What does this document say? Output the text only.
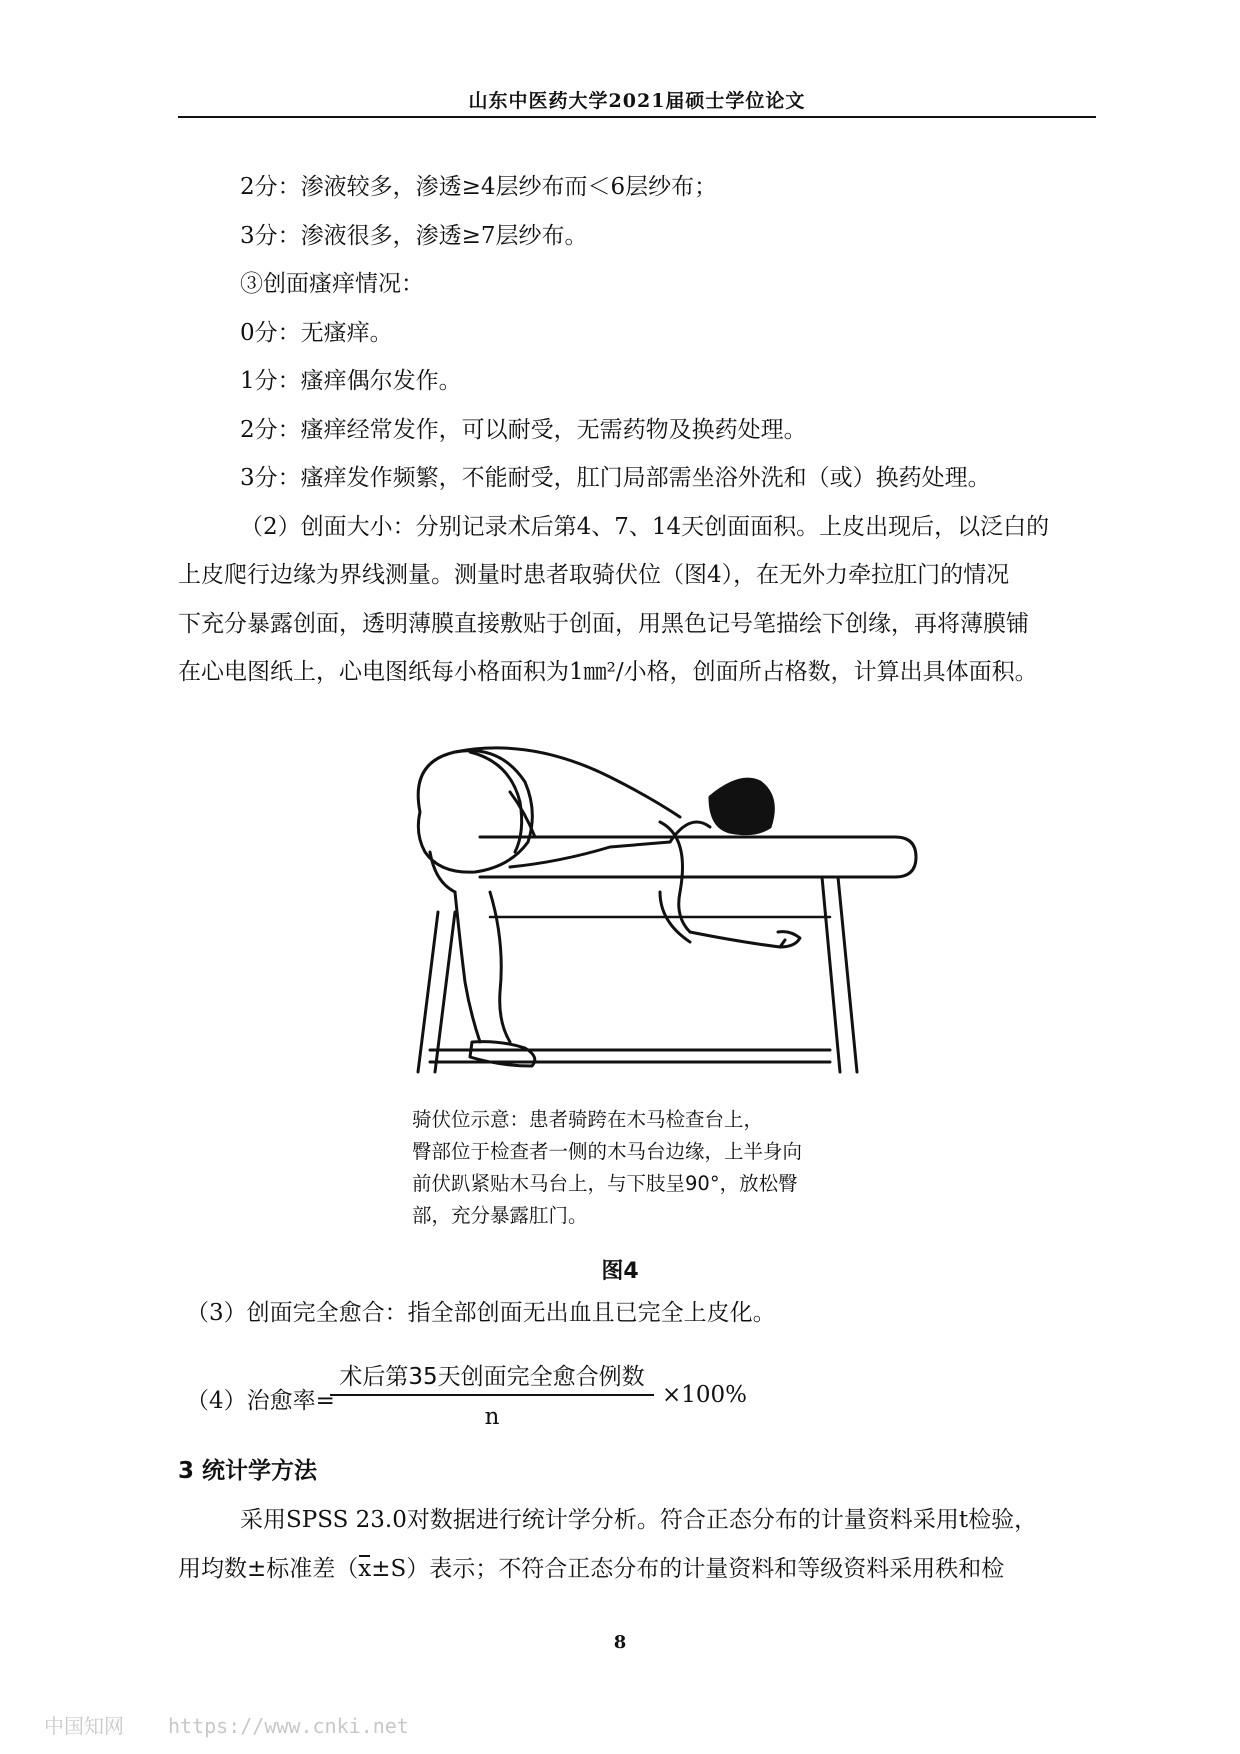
山东中医药大学2021届硕士学位论文
2分：渗液较多，渗透≥4层纱布而＜6层纱布；
3分：渗液很多，渗透≥7层纱布。
③创面瘙痒情况：
0分：无瘙痒。
1分：瘙痒偶尔发作。
2分：瘙痒经常发作，可以耐受，无需药物及换药处理。
3分：瘙痒发作频繁，不能耐受，肛门局部需坐浴外洗和（或）换药处理。
（2）创面大小：分别记录术后第4、7、14天创面面积。上皮出现后，以泛白的
上皮爬行边缘为界线测量。测量时患者取骑伏位（图4），在无外力牵拉肛门的情况
下充分暴露创面，透明薄膜直接敷贴于创面，用黑色记号笔描绘下创缘，再将薄膜铺
在心电图纸上，心电图纸每小格面积为1㎜²/小格，创面所占格数，计算出具体面积。
骑伏位示意：患者骑跨在木马检查台上，
臀部位于检查者一侧的木马台边缘，上半身向
前伏趴紧贴木马台上，与下肢呈90°，放松臀
部，充分暴露肛门。
图4
（3）创面完全愈合：指全部创面无出血且已完全上皮化。
（4）治愈率=
术后第35天创面完全愈合例数
n
×100%
3 统计学方法
采用SPSS 23.0对数据进行统计学分析。符合正态分布的计量资料采用t检验，
用均数±标准差（x±S）表示；不符合正态分布的计量资料和等级资料采用秩和检
8
中国知网 https://www.cnki.net
